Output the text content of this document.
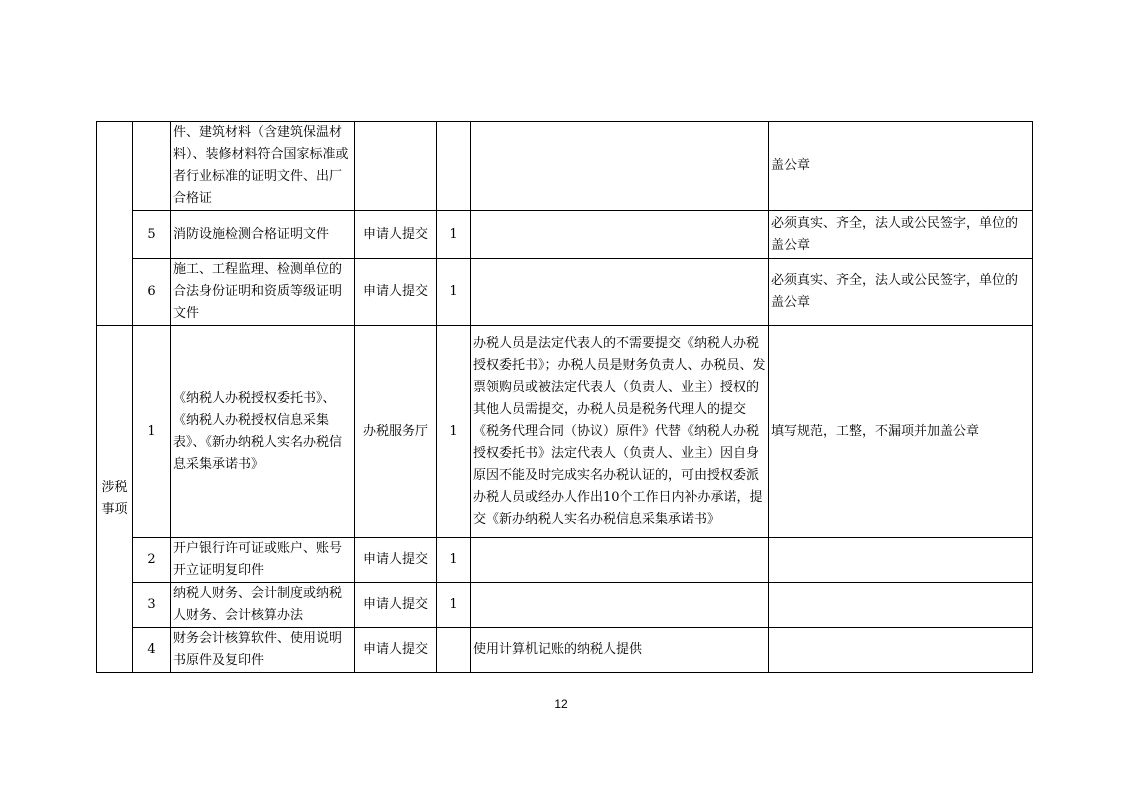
		件、建筑材料（含建筑保温材料）、装修材料符合国家标准或者行业标准的证明文件、出厂合格证				盖公章
	5	消防设施检测合格证明文件	申请人提交	1		必须真实、齐全，法人或公民签字，单位的盖公章
	6	施工、工程监理、检测单位的合法身份证明和资质等级证明文件	申请人提交	1		必须真实、齐全，法人或公民签字，单位的盖公章
涉税事项	1	《纳税人办税授权委托书》、《纳税人办税授权信息采集表》、《新办纳税人实名办税信息采集承诺书》	办税服务厅	1	办税人员是法定代表人的不需要提交《纳税人办税授权委托书》；办税人员是财务负责人、办税员、发票领购员或被法定代表人（负责人、业主）授权的其他人员需提交，办税人员是税务代理人的提交《税务代理合同（协议）原件》代替《纳税人办税授权委托书》法定代表人（负责人、业主）因自身原因不能及时完成实名办税认证的，可由授权委派办税人员或经办人作出10个工作日内补办承诺，提交《新办纳税人实名办税信息采集承诺书》	填写规范，工整，不漏项并加盖公章
	2	开户银行许可证或账户、账号开立证明复印件	申请人提交	1		
	3	纳税人财务、会计制度或纳税人财务、会计核算办法	申请人提交	1		
	4	财务会计核算软件、使用说明书原件及复印件	申请人提交		使用计算机记账的纳税人提供	
12
